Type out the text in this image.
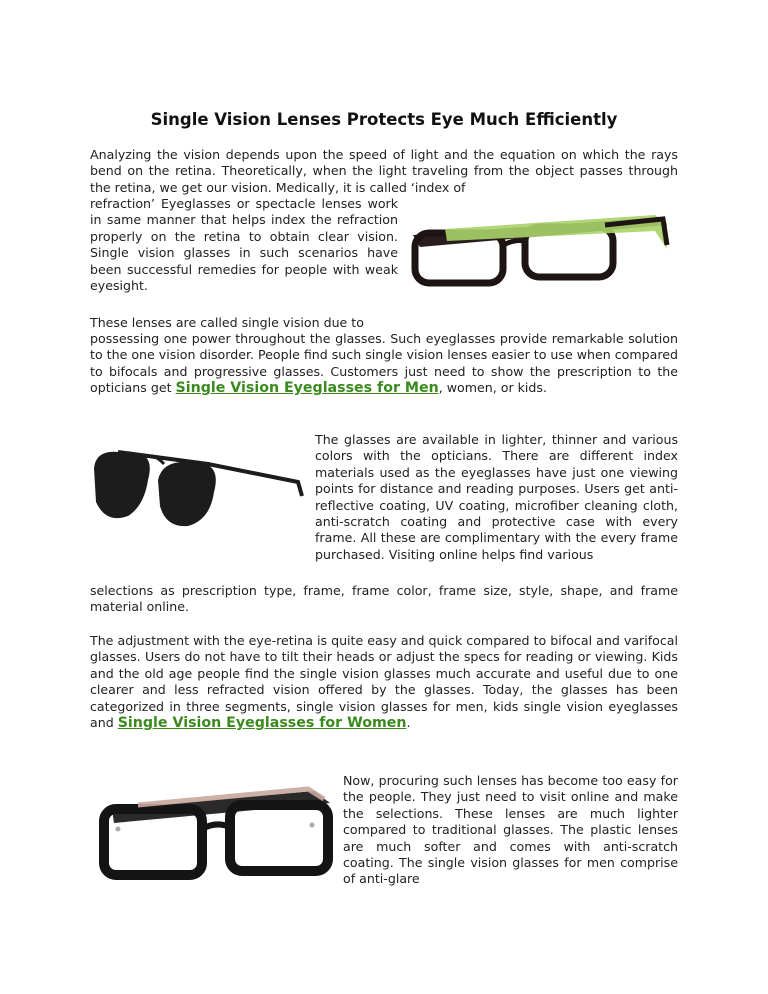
Single Vision Lenses Protects Eye Much Efficiently

Analyzing the vision depends upon the speed of light and the equation on which the rays bend on the retina. Theoretically, when the light traveling from the object passes through the retina, we get our vision. Medically, it is called ‘index of

refraction’ Eyeglasses or spectacle lenses work in same manner that helps index the refraction properly on the retina to obtain clear vision. Single vision glasses in such scenarios have been successful remedies for people with weak eyesight.

These lenses are called single vision due to

possessing one power throughout the glasses. Such eyeglasses provide remarkable solution to the one vision disorder. People find such single vision lenses easier to use when compared to bifocals and progressive glasses. Customers just need to show the prescription to the opticians get Single Vision Eyeglasses for Men, women, or kids.

The glasses are available in lighter, thinner and various colors with the opticians. There are different index materials used as the eyeglasses have just one viewing points for distance and reading purposes. Users get anti-reflective coating, UV coating, microfiber cleaning cloth, anti-scratch coating and protective case with every frame. All these are complimentary with the every frame purchased. Visiting online helps find various

selections as prescription type, frame, frame color, frame size, style, shape, and frame material online.

The adjustment with the eye-retina is quite easy and quick compared to bifocal and varifocal glasses. Users do not have to tilt their heads or adjust the specs for reading or viewing. Kids and the old age people find the single vision glasses much accurate and useful due to one clearer and less refracted vision offered by the glasses. Today, the glasses has been categorized in three segments, single vision glasses for men, kids single vision eyeglasses and Single Vision Eyeglasses for Women.

Now, procuring such lenses has become too easy for the people. They just need to visit online and make the selections. These lenses are much lighter compared to traditional glasses. The plastic lenses are much softer and comes with anti-scratch coating. The single vision glasses for men comprise of anti-glare
